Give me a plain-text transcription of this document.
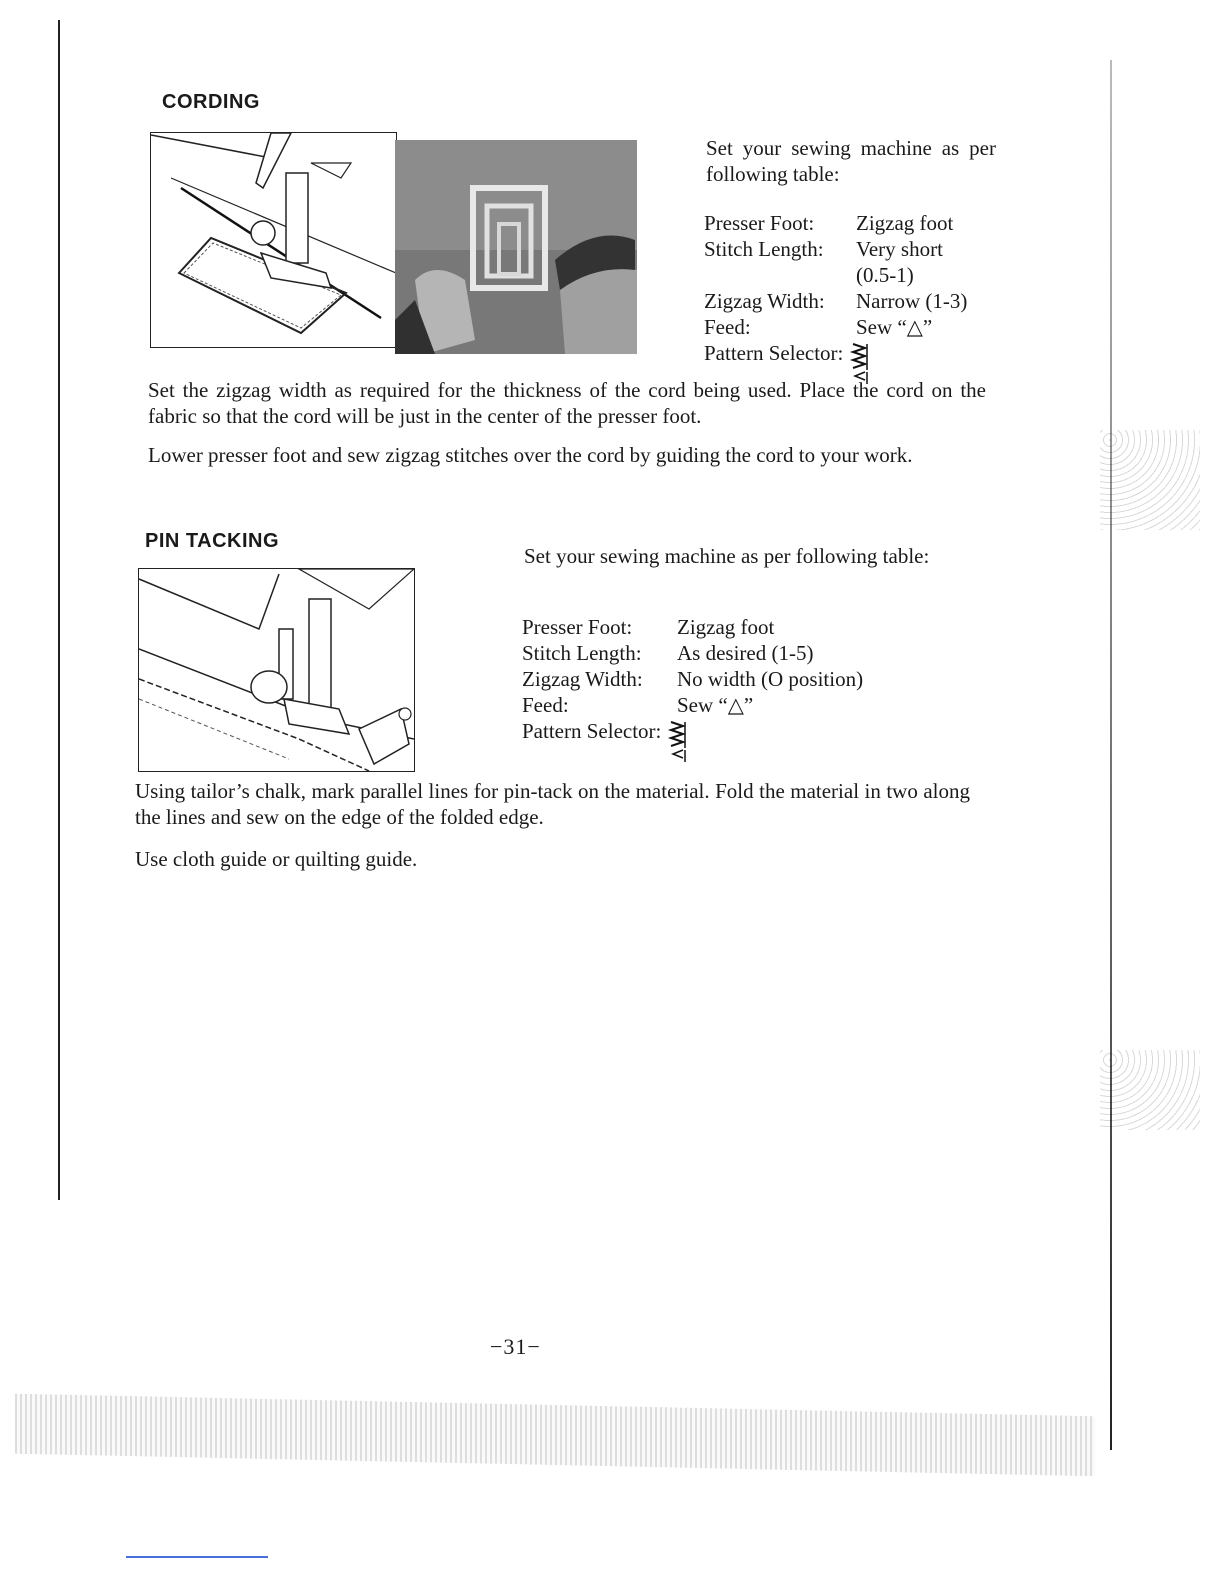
CORDING
Set your sewing machine as per following table:
Presser Foot:	Zigzag foot
Stitch Length:	Very short
(0.5-1)
Zigzag Width:	Narrow (1-3)
Feed:	Sew “△”
Pattern Selector:
Set the zigzag width as required for the thickness of the cord being used. Place the cord on the fabric so that the cord will be just in the center of the presser foot.
Lower presser foot and sew zigzag stitches over the cord by guiding the cord to your work.
PIN TACKING
Set your sewing machine as per following table:
Presser Foot:	Zigzag foot
Stitch Length:	As desired (1-5)
Zigzag Width:	No width (O position)
Feed:	Sew “△”
Pattern Selector:
Using tailor’s chalk, mark parallel lines for pin-tack on the material. Fold the material in two along the lines and sew on the edge of the folded edge.
Use cloth guide or quilting guide.
−31−
